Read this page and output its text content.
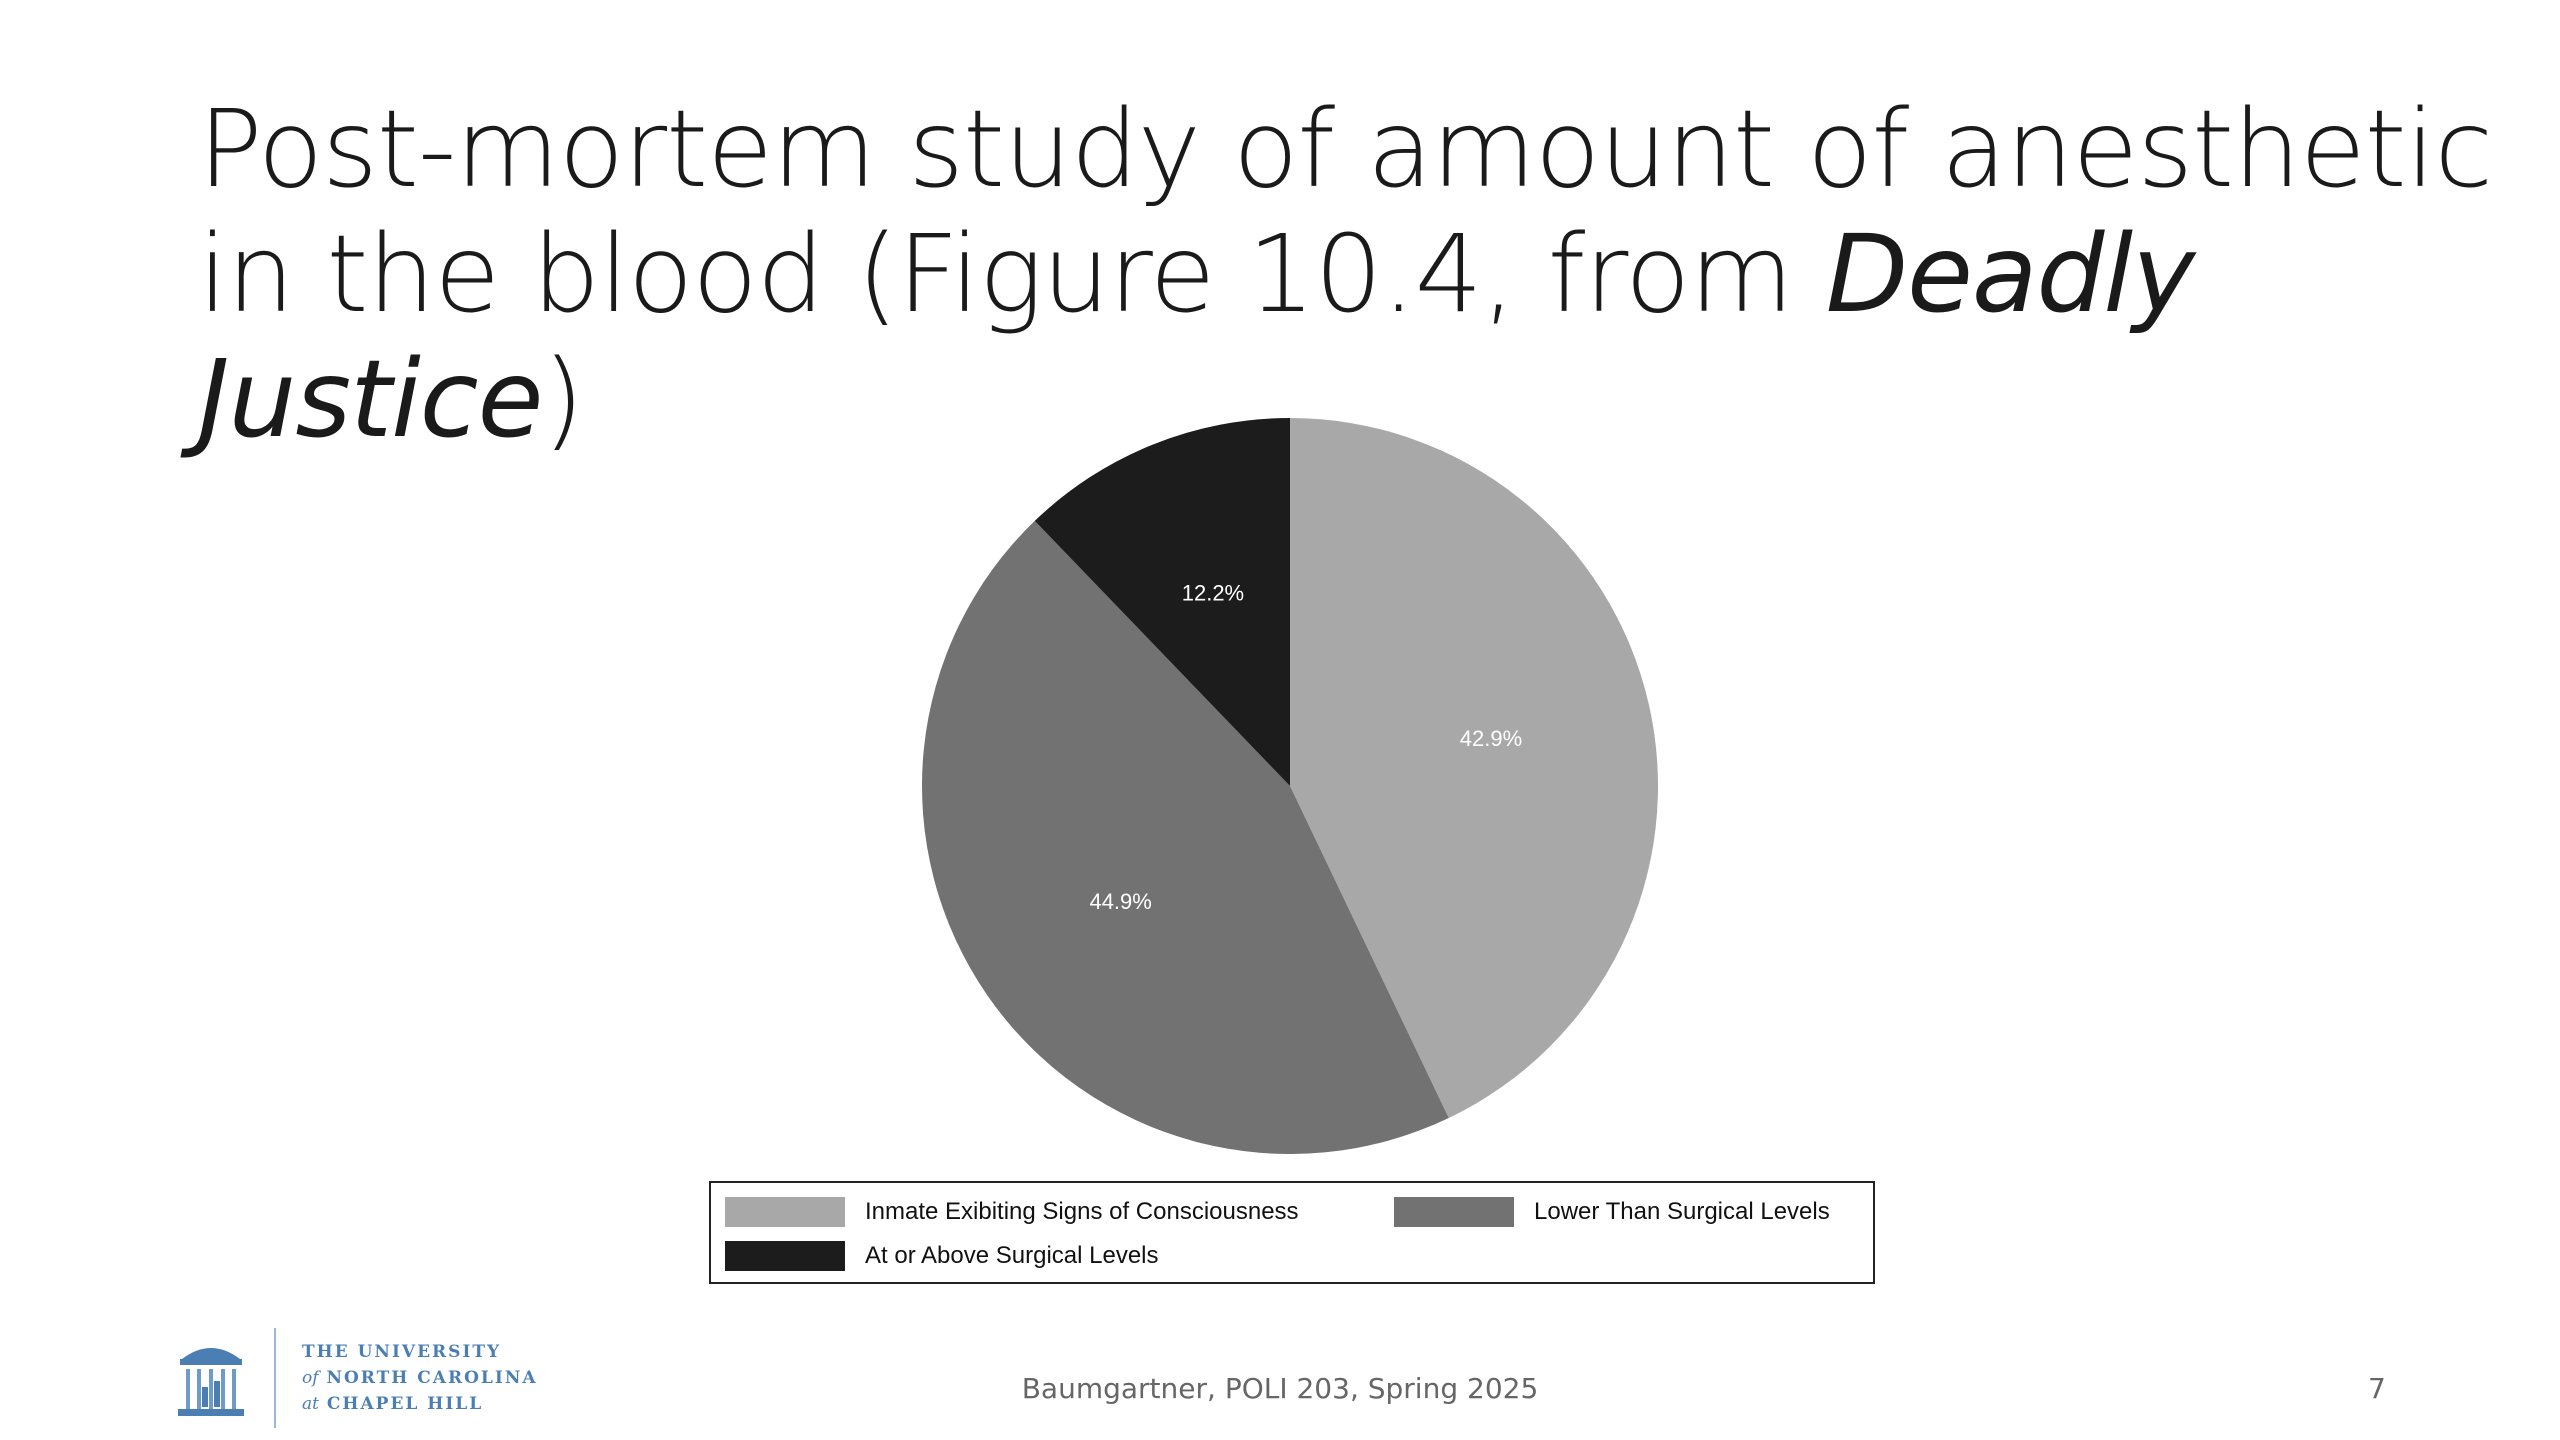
Post-mortem study of amount of anesthetic
in the blood (Figure 10.4, from Deadly Justice)
42.9%
44.9%
12.2%
Inmate Exibiting Signs of Consciousness	Lower Than Surgical Levels
At or Above Surgical Levels
THE UNIVERSITY
of NORTH CAROLINA
at CHAPEL HILL	Baumgartner, POLI 203, Spring 2025	7
